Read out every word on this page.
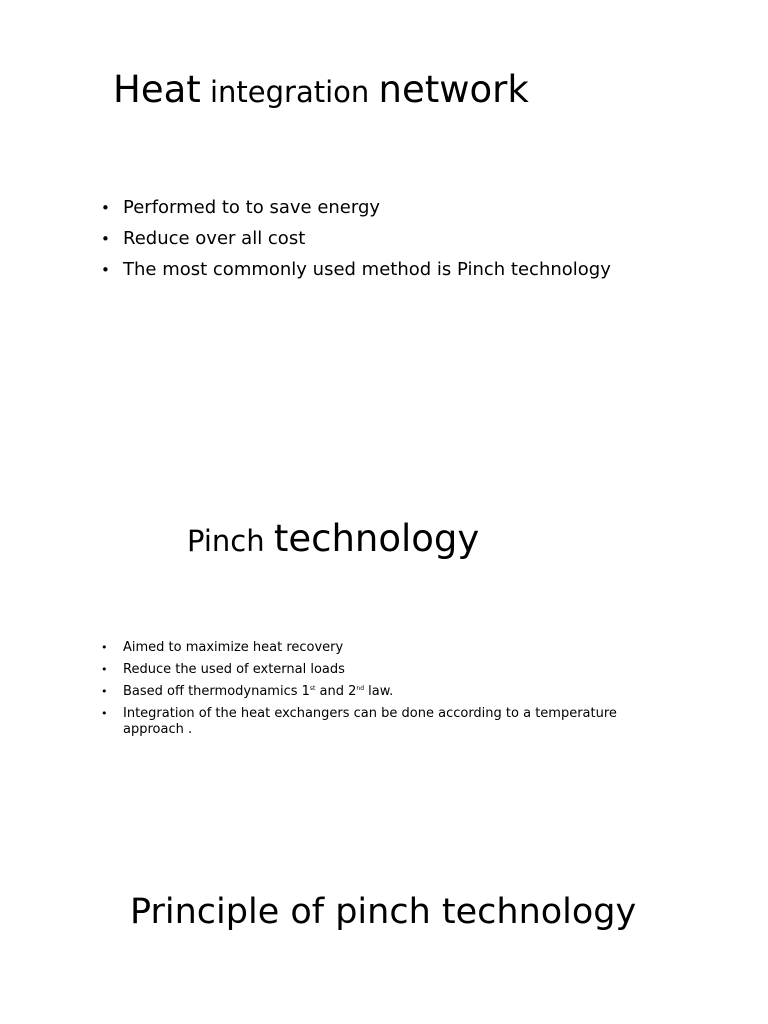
Heat integration network
• Performed to to save energy
• Reduce over all cost
• The most commonly used method is Pinch technology
Pinch technology
• Aimed to maximize heat recovery
• Reduce the used of external loads
• Based off thermodynamics 1st and 2nd law.
• Integration of the heat exchangers can be done according to a temperature approach .
Principle of pinch technology
